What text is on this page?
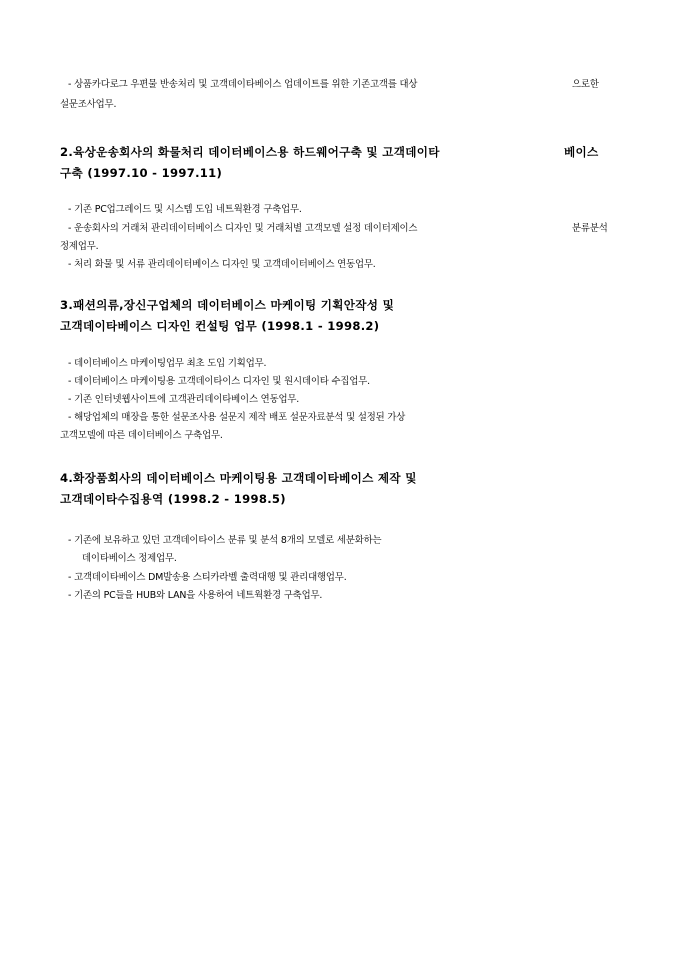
- 상품카다로그 우편물 반송처리 및 고객데이타베이스 업데이트를 위한 기존고객를 대상	으로한
설문조사업무.
2.육상운송회사의 화물처리 데이터베이스용 하드웨어구축 및 고객데이타	베이스
구축 (1997.10 - 1997.11)
- 기존 PC업그레이드 및 시스템 도입 네트웍환경 구축업무.
- 운송회사의 거래처 관리데이터베이스 디자인 및 거래처별 고객모델 설정 데이터제이스	분류분석
정제업무.
- 처리 화물 및 서류 관리데이터베이스 디자인 및 고객데이터베이스 연동업무.
3.패션의류,장신구업체의 데이터베이스 마케이팅 기획안작성 및
고객데이타베이스 디자인 컨설팅 업무 (1998.1 - 1998.2)
- 데이터베이스 마케이팅업무 최초 도입 기획업무.
- 데이터베이스 마케이팅용 고객데이타이스 디자인 및 원시데이타 수집업무.
- 기존 인터넷웹사이트에 고객관리데이타베이스 연동업무.
- 해당업체의 매장을 통한 설문조사용 설문지 제작 배포 설문자료분석 및 설정된 가상
고객모델에 따른 데이터베이스 구축업무.
4.화장품회사의 데이터베이스 마케이팅용 고객데이타베이스 제작 및
고객데이타수집용역 (1998.2 - 1998.5)
- 기존에 보유하고 있던 고객데이타이스 분류 및 분석 8개의 모델로 세분화하는
데이타베이스 정제업무.
- 고객데이타베이스 DM발송용 스티카라벨 출력대행 및 관리대행업무.
- 기존의 PC들을 HUB와 LAN을 사용하여 네트웍환경 구축업무.
